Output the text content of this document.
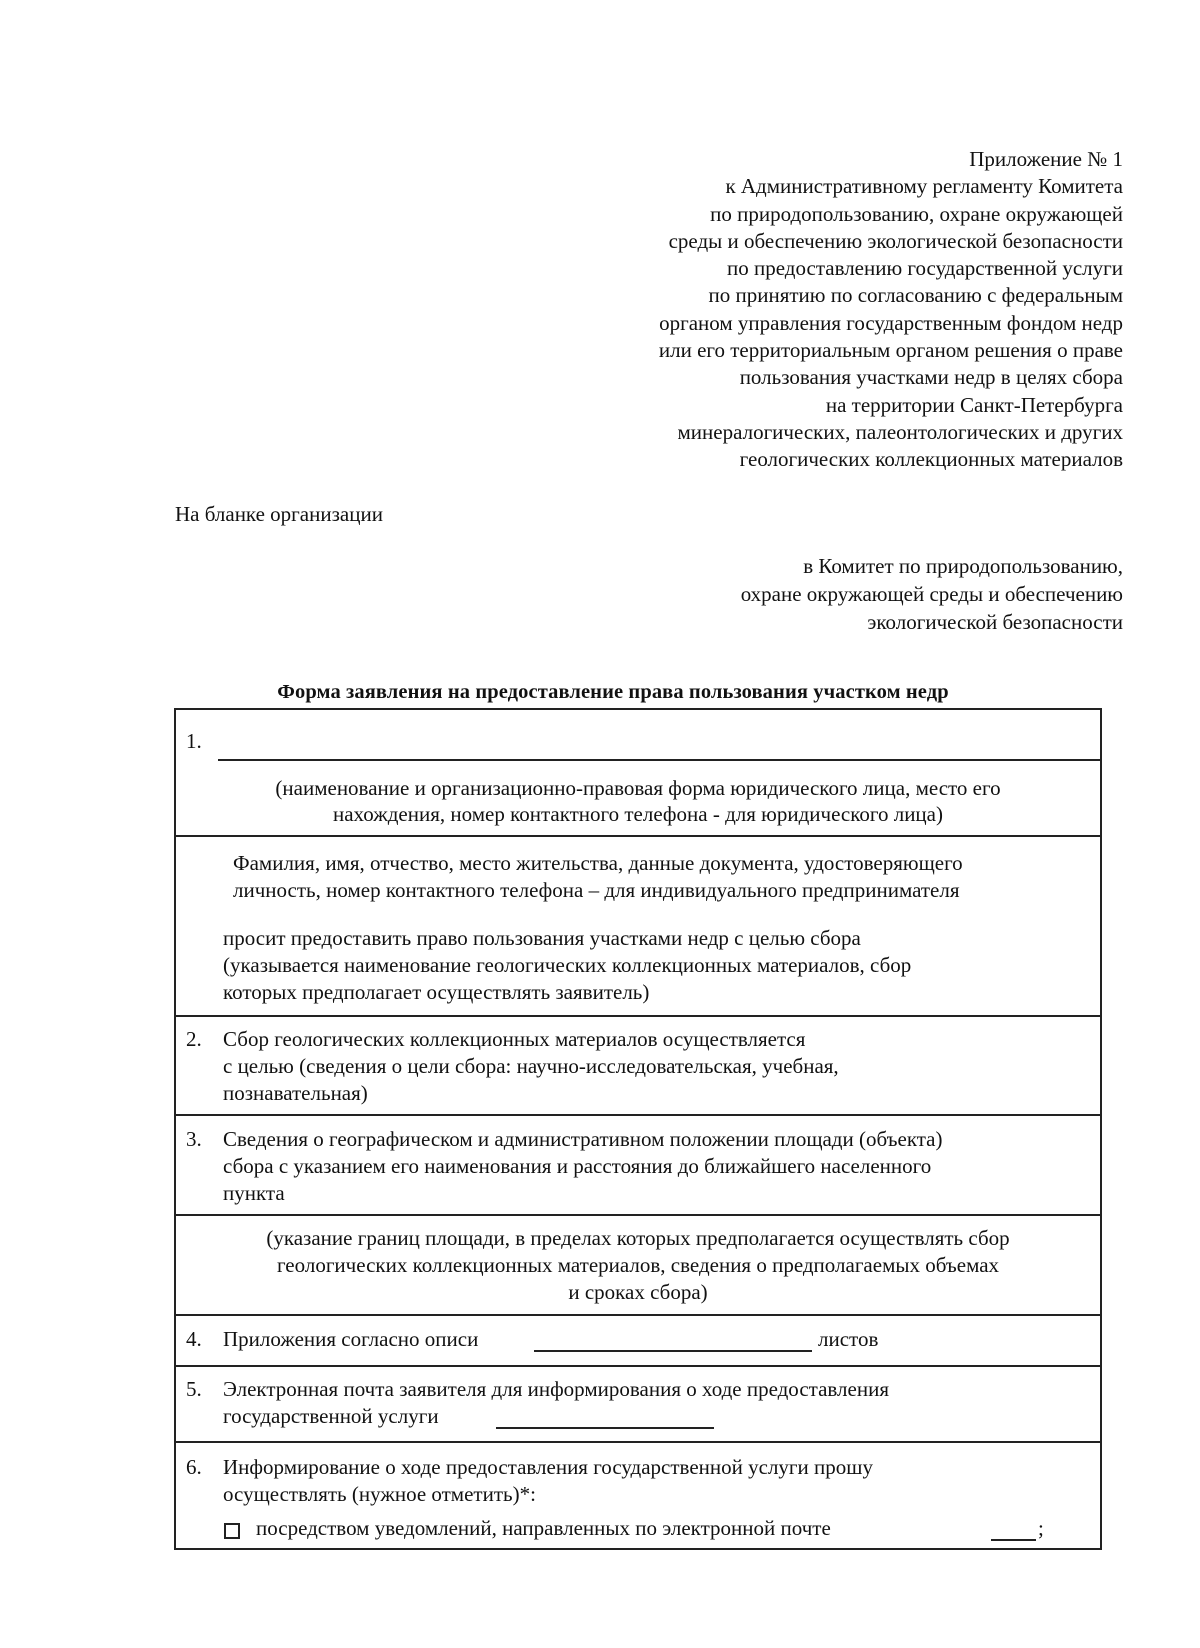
Приложение № 1
к Административному регламенту Комитета
по природопользованию, охране окружающей
среды и обеспечению экологической безопасности
по предоставлению государственной услуги
по принятию по согласованию с федеральным
органом управления государственным фондом недр
или его территориальным органом решения о праве
пользования участками недр в целях сбора
на территории Санкт-Петербурга
минералогических, палеонтологических и других
геологических коллекционных материалов
На бланке организации
в Комитет по природопользованию,
охране окружающей среды и обеспечению
экологической безопасности
Форма заявления на предоставление права пользования участком недр
1.
(наименование и организационно-правовая форма юридического лица, место его
нахождения, номер контактного телефона - для юридического лица)
Фамилия, имя, отчество, место жительства, данные документа, удостоверяющего
личность, номер контактного телефона – для индивидуального предпринимателя
просит предоставить право пользования участками недр с целью сбора
(указывается наименование геологических коллекционных материалов, сбор
которых предполагает осуществлять заявитель)
2. Сбор геологических коллекционных материалов осуществляется
с целью (сведения о цели сбора: научно-исследовательская, учебная,
познавательная)
3. Сведения о географическом и административном положении площади (объекта)
сбора с указанием его наименования и расстояния до ближайшего населенного
пункта
(указание границ площади, в пределах которых предполагается осуществлять сбор
геологических коллекционных материалов, сведения о предполагаемых объемах
и сроках сбора)
4. Приложения согласно описи	листов
5. Электронная почта заявителя для информирования о ходе предоставления
государственной услуги
6. Информирование о ходе предоставления государственной услуги прошу
осуществлять (нужное отметить)*:
посредством уведомлений, направленных по электронной почте	;
